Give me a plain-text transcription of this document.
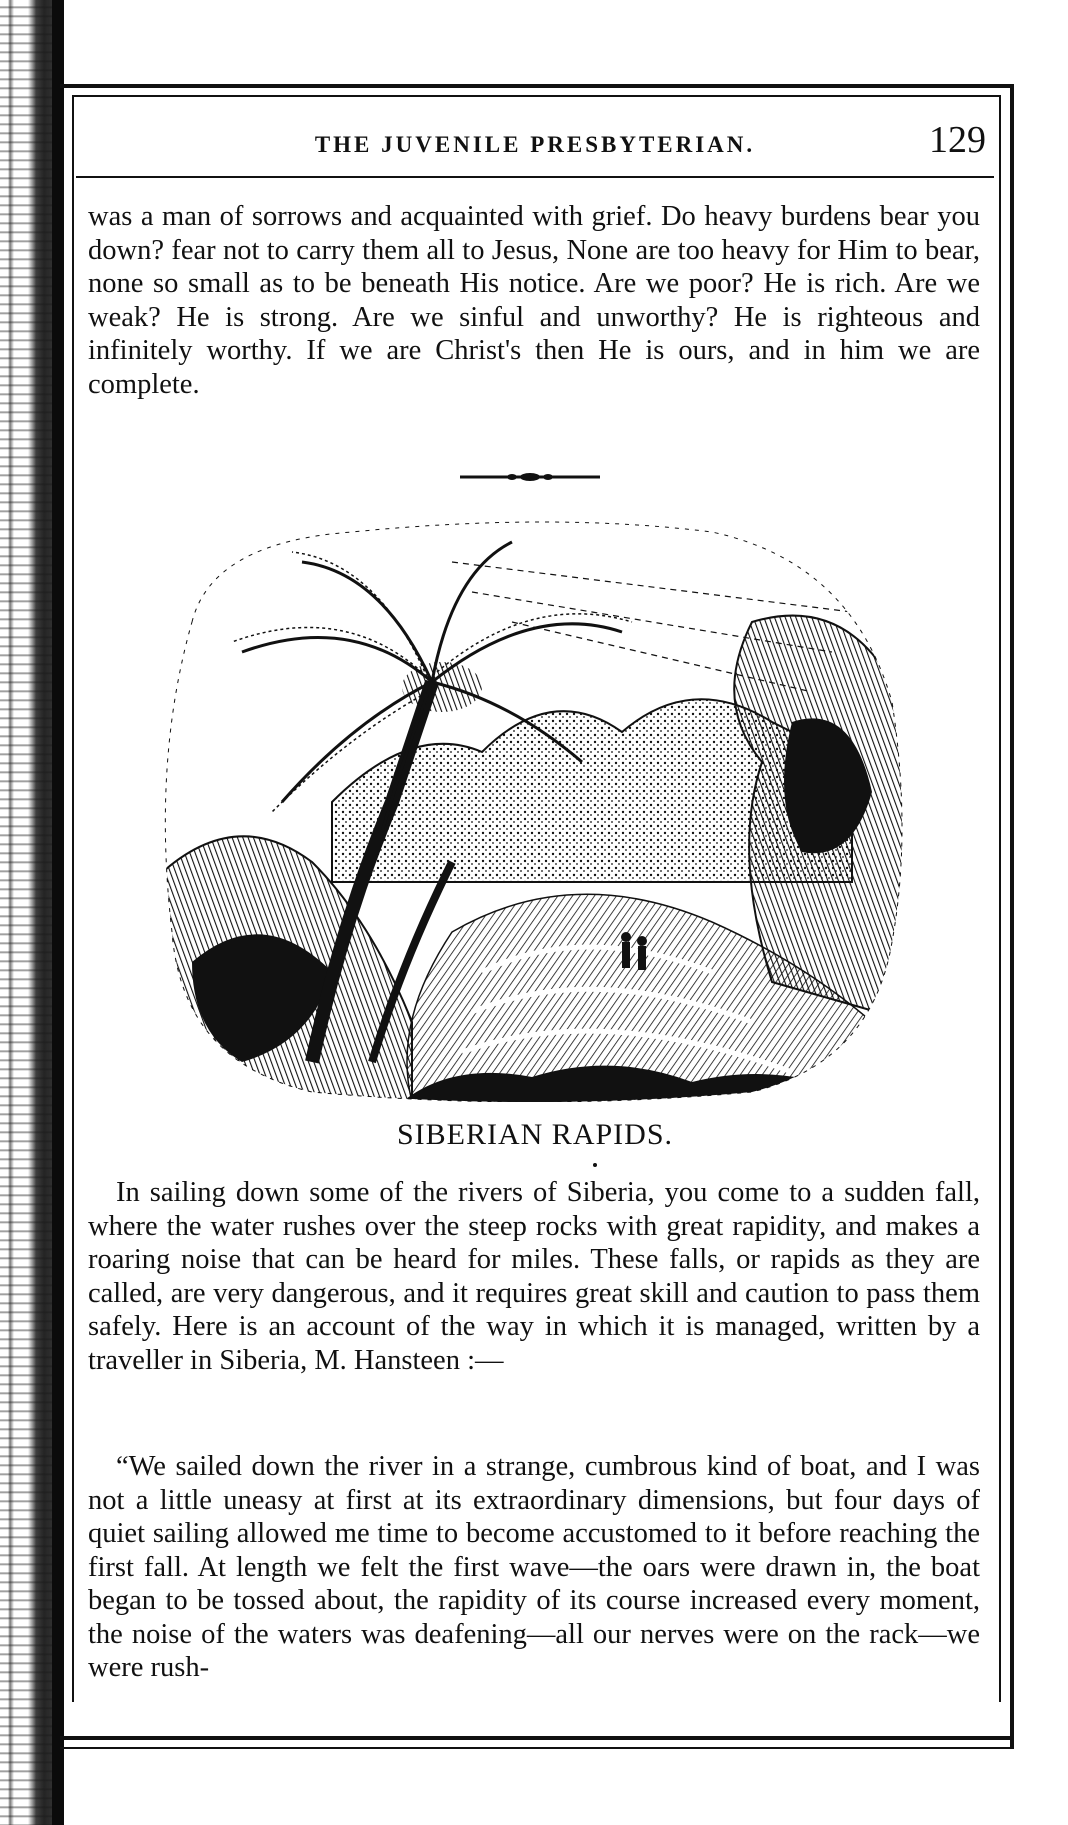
THE JUVENILE PRESBYTERIAN.	129
was a man of sorrows and acquainted with grief. Do heavy burdens bear you down? fear not to carry them all to Jesus, None are too heavy for Him to bear, none so small as to be beneath His notice. Are we poor? He is rich. Are we weak? He is strong. Are we sinful and unworthy? He is righteous and infinitely worthy. If we are Christ's then He is ours, and in him we are complete.
SIBERIAN RAPIDS.
In sailing down some of the rivers of Siberia, you come to a sudden fall, where the water rushes over the steep rocks with great rapidity, and makes a roaring noise that can be heard for miles. These falls, or rapids as they are called, are very dangerous, and it requires great skill and caution to pass them safely. Here is an account of the way in which it is managed, written by a traveller in Siberia, M. Hansteen :—
“We sailed down the river in a strange, cumbrous kind of boat, and I was not a little uneasy at first at its extraordinary dimensions, but four days of quiet sailing allowed me time to become accustomed to it before reaching the first fall. At length we felt the first wave—the oars were drawn in, the boat began to be tossed about, the rapidity of its course increased every moment, the noise of the waters was deafening—all our nerves were on the rack—we were rush-
